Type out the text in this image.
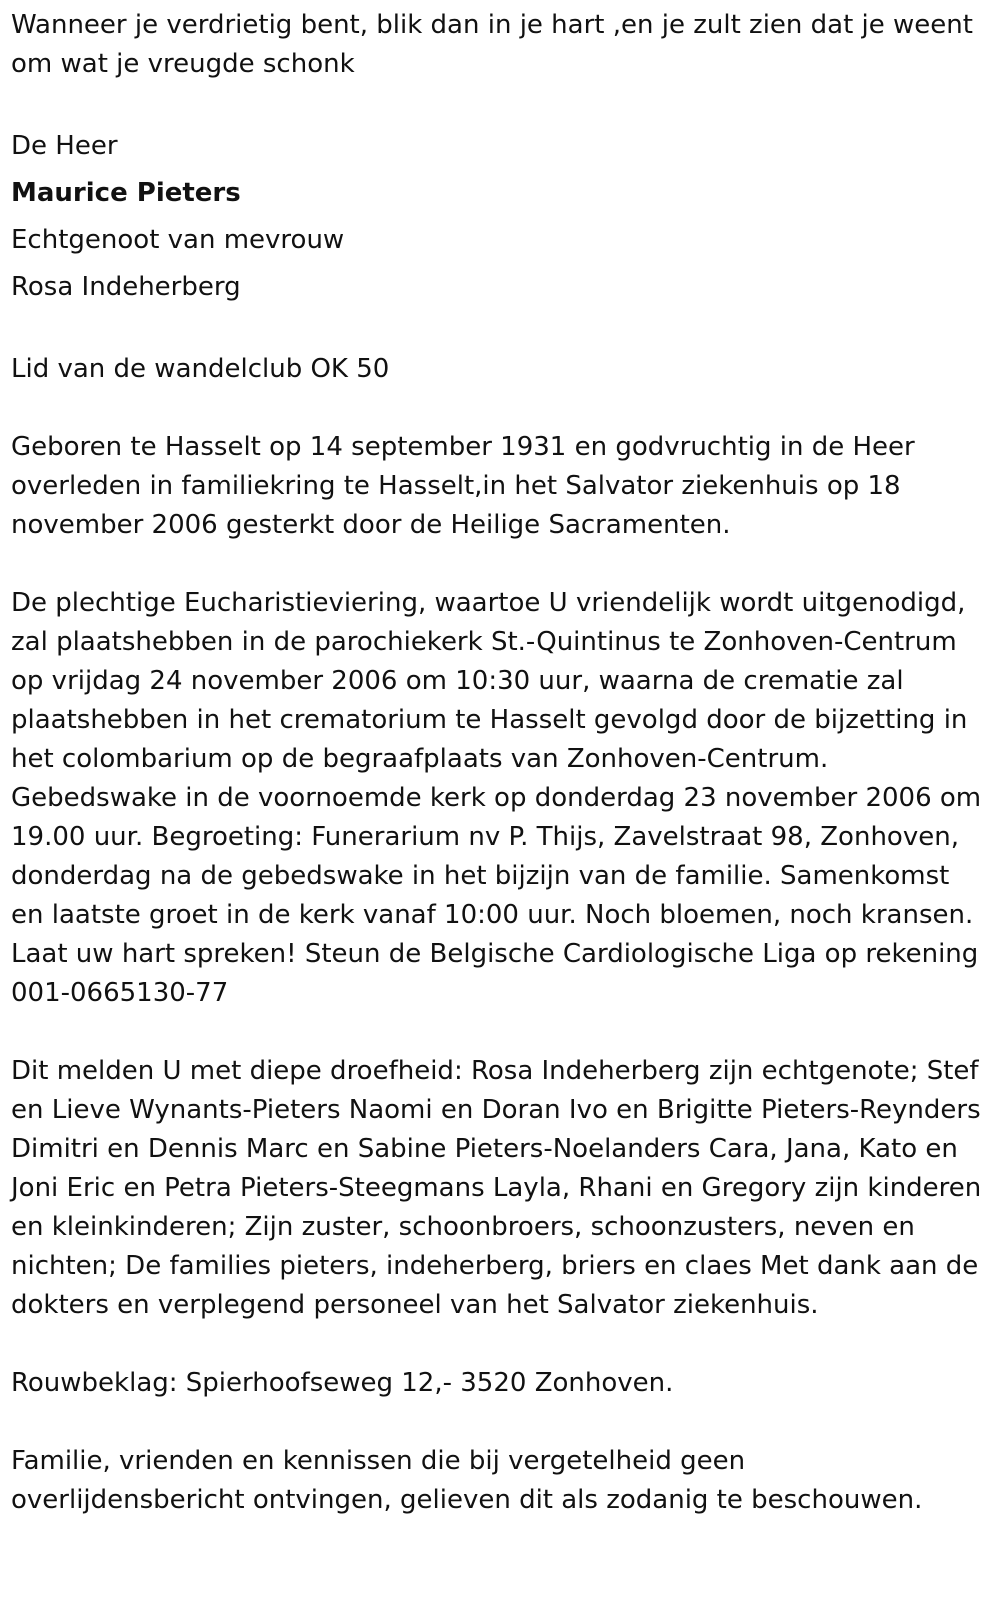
Wanneer je verdrietig bent, blik dan in je hart ,en je zult zien dat je weent om wat je vreugde schonk

De Heer

Maurice Pieters

Echtgenoot van mevrouw

Rosa Indeherberg

Lid van de wandelclub OK 50

Geboren te Hasselt op 14 september 1931 en godvruchtig in de Heer overleden in familiekring te Hasselt,in het Salvator ziekenhuis op 18 november 2006 gesterkt door de Heilige Sacramenten.

De plechtige Eucharistieviering, waartoe U vriendelijk wordt uitgenodigd, zal plaatshebben in de parochiekerk St.-Quintinus te Zonhoven-Centrum op vrijdag 24 november 2006 om 10:30 uur, waarna de crematie zal plaatshebben in het crematorium te Hasselt gevolgd door de bijzetting in het colombarium op de begraafplaats van Zonhoven-Centrum. Gebedswake in de voornoemde kerk op donderdag 23 november 2006 om 19.00 uur. Begroeting: Funerarium nv P. Thijs, Zavelstraat 98, Zonhoven, donderdag na de gebedswake in het bijzijn van de familie. Samenkomst en laatste groet in de kerk vanaf 10:00 uur. Noch bloemen, noch kransen. Laat uw hart spreken! Steun de Belgische Cardiologische Liga op rekening 001-0665130-77

Dit melden U met diepe droefheid: Rosa Indeherberg zijn echtgenote; Stef en Lieve Wynants-Pieters Naomi en Doran Ivo en Brigitte Pieters-Reynders Dimitri en Dennis Marc en Sabine Pieters-Noelanders Cara, Jana, Kato en Joni Eric en Petra Pieters-Steegmans Layla, Rhani en Gregory zijn kinderen en kleinkinderen; Zijn zuster, schoonbroers, schoonzusters, neven en nichten; De families pieters, indeherberg, briers en claes Met dank aan de dokters en verplegend personeel van het Salvator ziekenhuis.

Rouwbeklag: Spierhoofseweg 12,- 3520 Zonhoven.

Familie, vrienden en kennissen die bij vergetelheid geen overlijdensbericht ontvingen, gelieven dit als zodanig te beschouwen.
